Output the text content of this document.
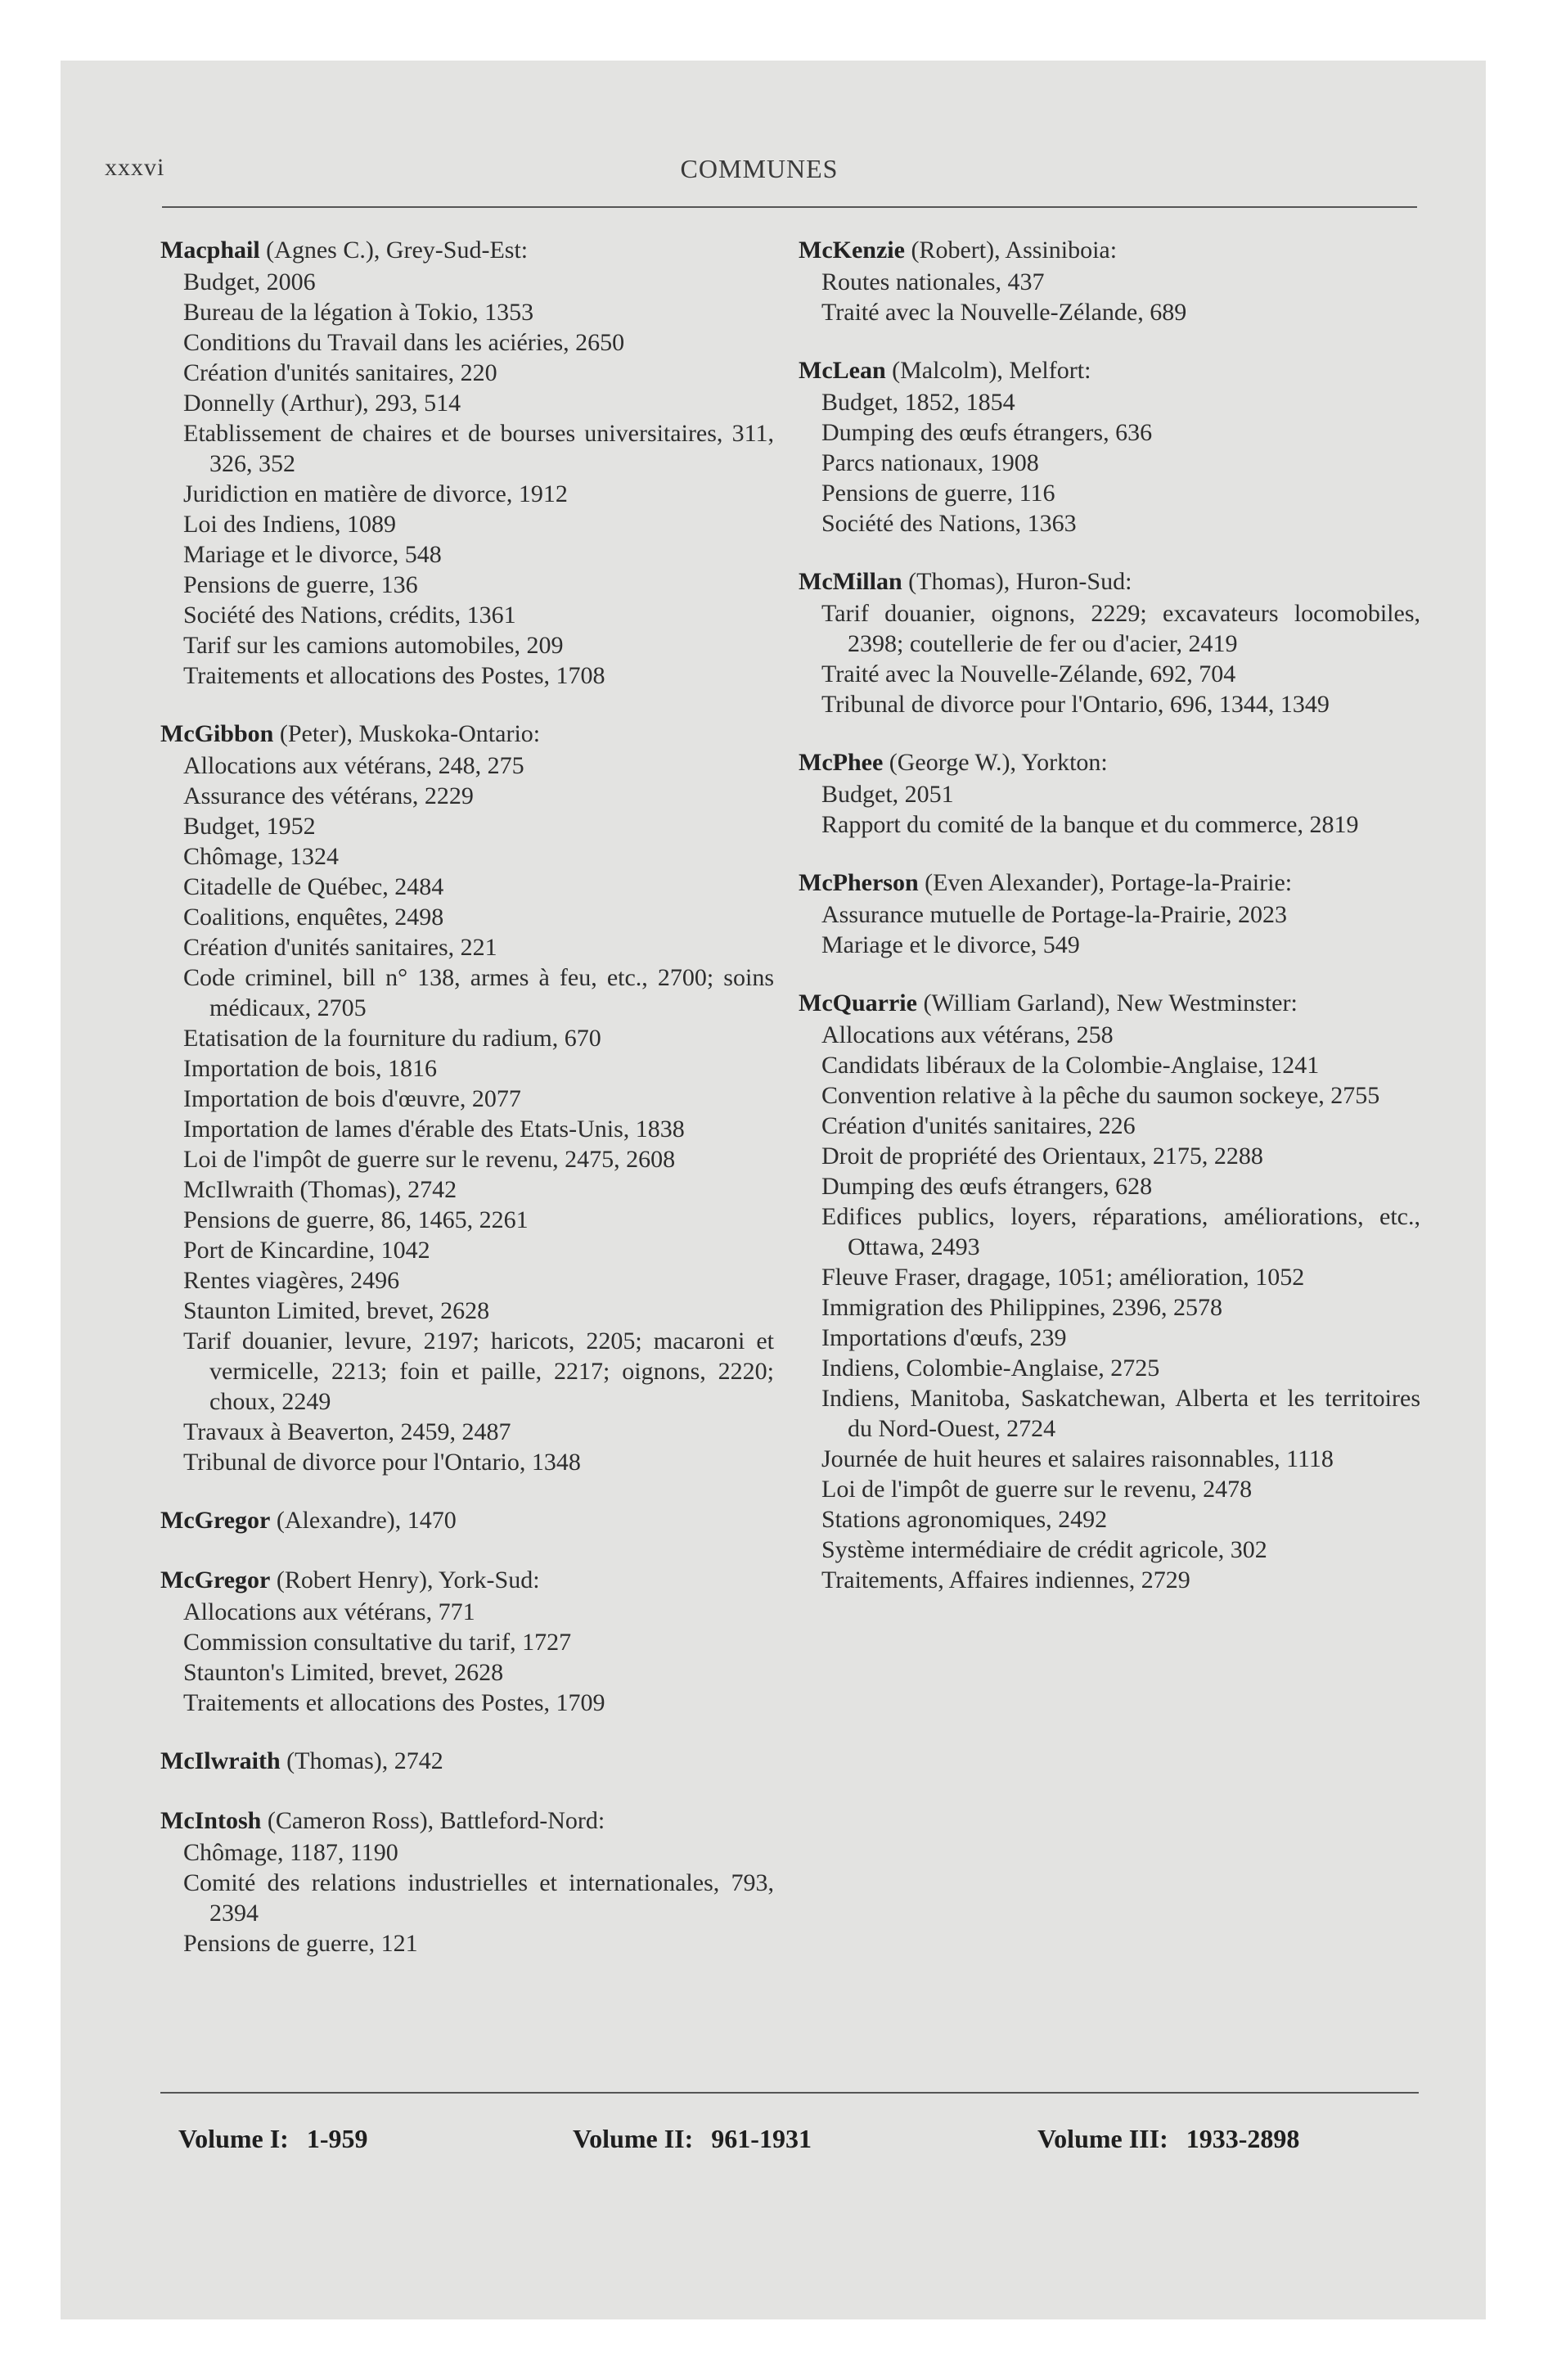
xxxvi	COMMUNES
Macphail (Agnes C.), Grey-Sud-Est:
Budget, 2006
Bureau de la légation à Tokio, 1353
Conditions du Travail dans les aciéries, 2650
Création d'unités sanitaires, 220
Donnelly (Arthur), 293, 514
Etablissement de chaires et de bourses universitaires, 311, 326, 352
Juridiction en matière de divorce, 1912
Loi des Indiens, 1089
Mariage et le divorce, 548
Pensions de guerre, 136
Société des Nations, crédits, 1361
Tarif sur les camions automobiles, 209
Traitements et allocations des Postes, 1708
McGibbon (Peter), Muskoka-Ontario:
Allocations aux vétérans, 248, 275
Assurance des vétérans, 2229
Budget, 1952
Chômage, 1324
Citadelle de Québec, 2484
Coalitions, enquêtes, 2498
Création d'unités sanitaires, 221
Code criminel, bill n° 138, armes à feu, etc., 2700; soins médicaux, 2705
Etatisation de la fourniture du radium, 670
Importation de bois, 1816
Importation de bois d'œuvre, 2077
Importation de lames d'érable des Etats-Unis, 1838
Loi de l'impôt de guerre sur le revenu, 2475, 2608
McIlwraith (Thomas), 2742
Pensions de guerre, 86, 1465, 2261
Port de Kincardine, 1042
Rentes viagères, 2496
Staunton Limited, brevet, 2628
Tarif douanier, levure, 2197; haricots, 2205; macaroni et vermicelle, 2213; foin et paille, 2217; oignons, 2220; choux, 2249
Travaux à Beaverton, 2459, 2487
Tribunal de divorce pour l'Ontario, 1348
McGregor (Alexandre), 1470
McGregor (Robert Henry), York-Sud:
Allocations aux vétérans, 771
Commission consultative du tarif, 1727
Staunton's Limited, brevet, 2628
Traitements et allocations des Postes, 1709
McIlwraith (Thomas), 2742
McIntosh (Cameron Ross), Battleford-Nord:
Chômage, 1187, 1190
Comité des relations industrielles et internationales, 793, 2394
Pensions de guerre, 121
McKenzie (Robert), Assiniboia:
Routes nationales, 437
Traité avec la Nouvelle-Zélande, 689
McLean (Malcolm), Melfort:
Budget, 1852, 1854
Dumping des œufs étrangers, 636
Parcs nationaux, 1908
Pensions de guerre, 116
Société des Nations, 1363
McMillan (Thomas), Huron-Sud:
Tarif douanier, oignons, 2229; excavateurs locomobiles, 2398; coutellerie de fer ou d'acier, 2419
Traité avec la Nouvelle-Zélande, 692, 704
Tribunal de divorce pour l'Ontario, 696, 1344, 1349
McPhee (George W.), Yorkton:
Budget, 2051
Rapport du comité de la banque et du commerce, 2819
McPherson (Even Alexander), Portage-la-Prairie:
Assurance mutuelle de Portage-la-Prairie, 2023
Mariage et le divorce, 549
McQuarrie (William Garland), New Westminster:
Allocations aux vétérans, 258
Candidats libéraux de la Colombie-Anglaise, 1241
Convention relative à la pêche du saumon sockeye, 2755
Création d'unités sanitaires, 226
Droit de propriété des Orientaux, 2175, 2288
Dumping des œufs étrangers, 628
Edifices publics, loyers, réparations, améliorations, etc., Ottawa, 2493
Fleuve Fraser, dragage, 1051; amélioration, 1052
Immigration des Philippines, 2396, 2578
Importations d'œufs, 239
Indiens, Colombie-Anglaise, 2725
Indiens, Manitoba, Saskatchewan, Alberta et les territoires du Nord-Ouest, 2724
Journée de huit heures et salaires raisonnables, 1118
Loi de l'impôt de guerre sur le revenu, 2478
Stations agronomiques, 2492
Système intermédiaire de crédit agricole, 302
Traitements, Affaires indiennes, 2729
Volume I: 1-959	Volume II: 961-1931	Volume III: 1933-2898
